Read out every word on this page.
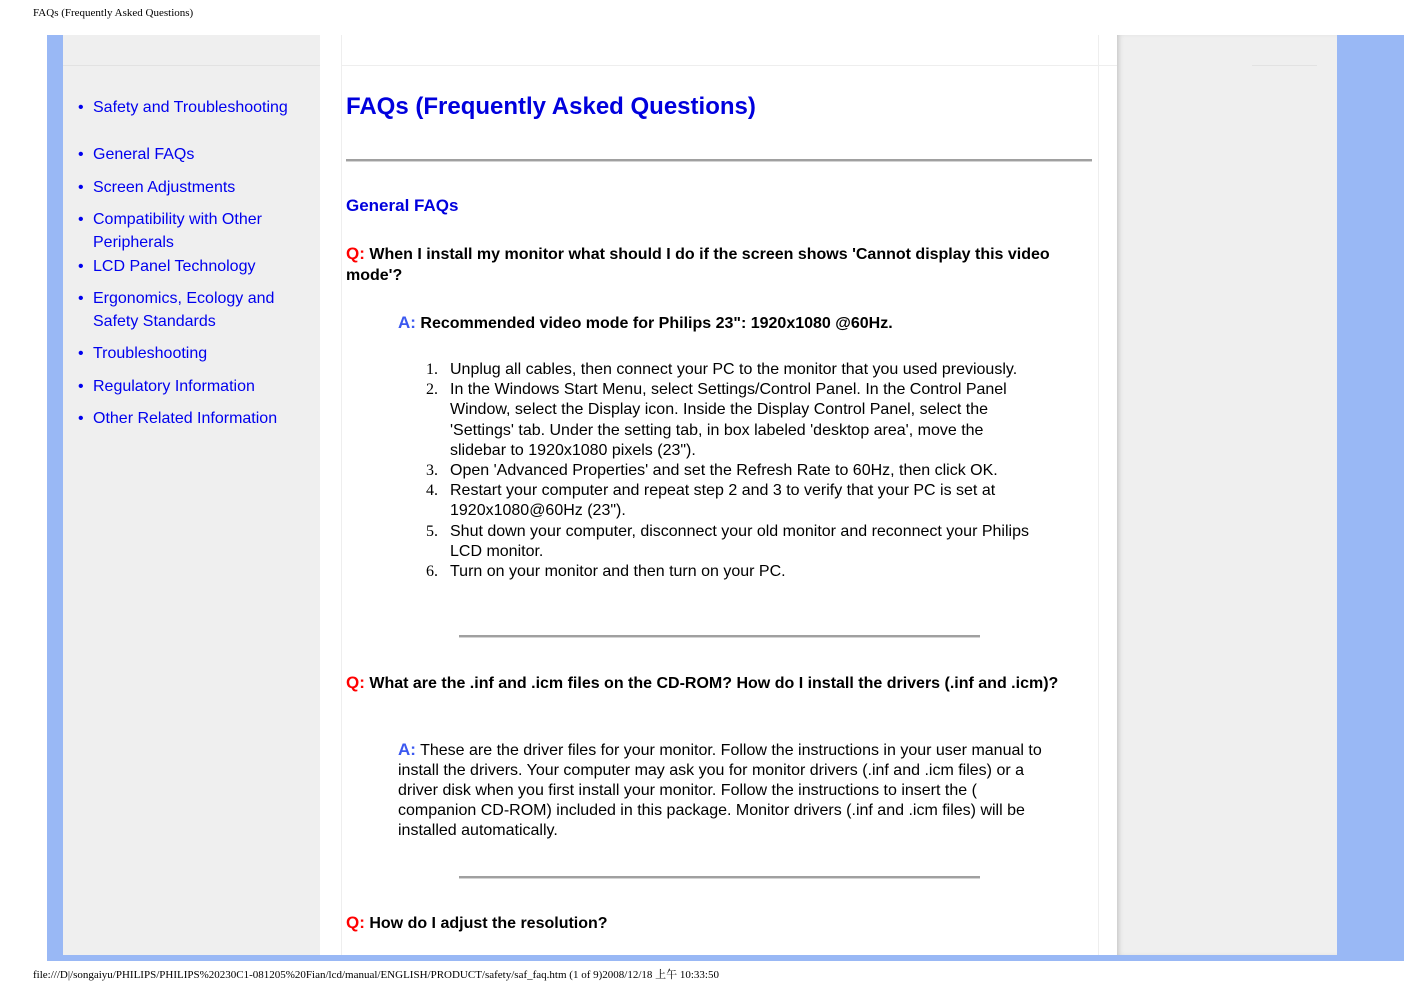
FAQs (Frequently Asked Questions)
• Safety and Troubleshooting
• General FAQs
• Screen Adjustments
• Compatibility with Other Peripherals
• LCD Panel Technology
• Ergonomics, Ecology and Safety Standards
• Troubleshooting
• Regulatory Information
• Other Related Information
FAQs (Frequently Asked Questions)
General FAQs
Q: When I install my monitor what should I do if the screen shows 'Cannot display this video mode'?
A: Recommended video mode for Philips 23": 1920x1080 @60Hz.
1. Unplug all cables, then connect your PC to the monitor that you used previously.
2. In the Windows Start Menu, select Settings/Control Panel. In the Control Panel Window, select the Display icon. Inside the Display Control Panel, select the 'Settings' tab. Under the setting tab, in box labeled 'desktop area', move the slidebar to 1920x1080 pixels (23").
3. Open 'Advanced Properties' and set the Refresh Rate to 60Hz, then click OK.
4. Restart your computer and repeat step 2 and 3 to verify that your PC is set at 1920x1080@60Hz (23").
5. Shut down your computer, disconnect your old monitor and reconnect your Philips LCD monitor.
6. Turn on your monitor and then turn on your PC.
Q: What are the .inf and .icm files on the CD-ROM? How do I install the drivers (.inf and .icm)?
A: These are the driver files for your monitor. Follow the instructions in your user manual to install the drivers. Your computer may ask you for monitor drivers (.inf and .icm files) or a driver disk when you first install your monitor. Follow the instructions to insert the ( companion CD-ROM) included in this package. Monitor drivers (.inf and .icm files) will be installed automatically.
Q: How do I adjust the resolution?
file:///D|/songaiyu/PHILIPS/PHILIPS%20230C1-081205%20Fian/lcd/manual/ENGLISH/PRODUCT/safety/saf_faq.htm (1 of 9)2008/12/18 上午 10:33:50
